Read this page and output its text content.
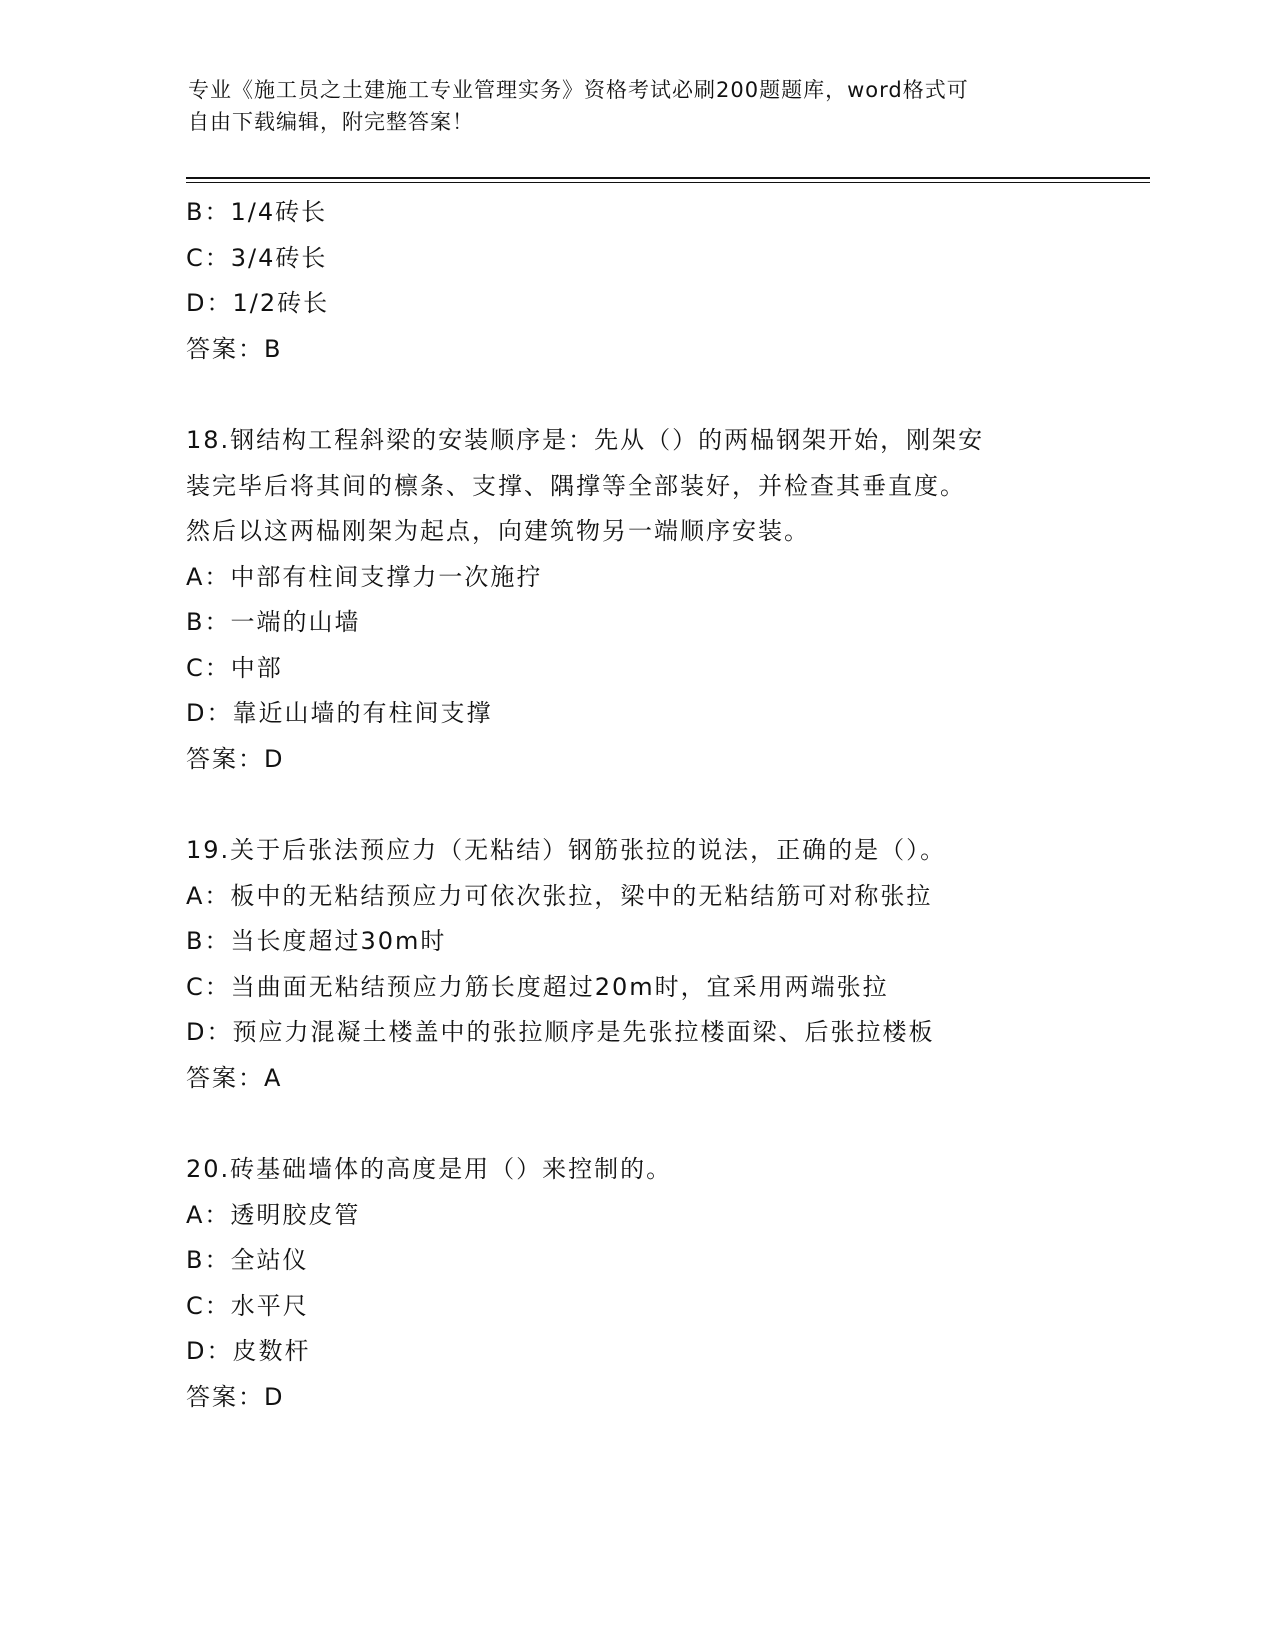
专业《施工员之土建施工专业管理实务》资格考试必刷200题题库，word格式可
自由下载编辑，附完整答案！
B：1/4砖长
C：3/4砖长
D：1/2砖长
答案：B
18.钢结构工程斜梁的安装顺序是：先从（）的两榀钢架开始，刚架安
装完毕后将其间的檩条、支撑、隅撑等全部装好，并检查其垂直度。
然后以这两榀刚架为起点，向建筑物另一端顺序安装。
A：中部有柱间支撑力一次施拧
B：一端的山墙
C：中部
D：靠近山墙的有柱间支撑
答案：D
19.关于后张法预应力（无粘结）钢筋张拉的说法，正确的是（）。
A：板中的无粘结预应力可依次张拉，梁中的无粘结筋可对称张拉
B：当长度超过30m时
C：当曲面无粘结预应力筋长度超过20m时，宜采用两端张拉
D：预应力混凝土楼盖中的张拉顺序是先张拉楼面梁、后张拉楼板
答案：A
20.砖基础墙体的高度是用（）来控制的。
A：透明胶皮管
B：全站仪
C：水平尺
D：皮数杆
答案：D
